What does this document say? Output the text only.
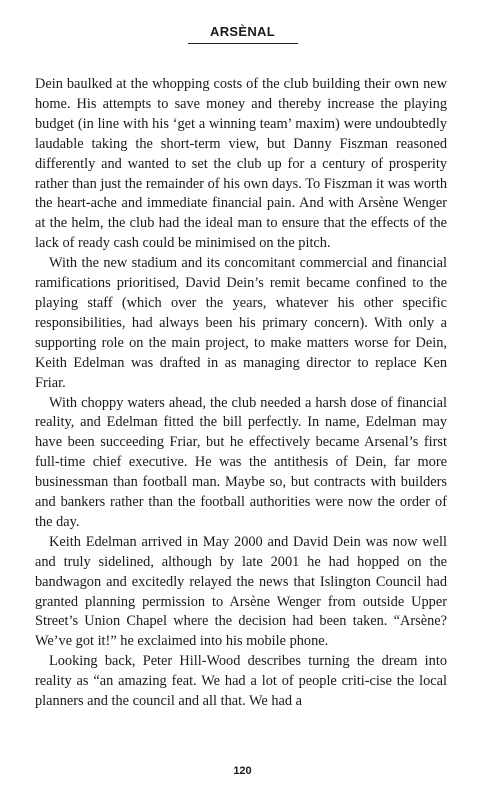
ARSÈNAL

Dein baulked at the whopping costs of the club building their own new home. His attempts to save money and thereby increase the playing budget (in line with his ‘get a winning team’ maxim) were undoubtedly laudable taking the short-term view, but Danny Fiszman reasoned differently and wanted to set the club up for a century of prosperity rather than just the remainder of his own days. To Fiszman it was worth the heart-ache and immediate financial pain. And with Arsène Wenger at the helm, the club had the ideal man to ensure that the effects of the lack of ready cash could be minimised on the pitch.

With the new stadium and its concomitant commercial and financial ramifications prioritised, David Dein’s remit became confined to the playing staff (which over the years, whatever his other specific responsibilities, had always been his primary concern). With only a supporting role on the main project, to make matters worse for Dein, Keith Edelman was drafted in as managing director to replace Ken Friar.

With choppy waters ahead, the club needed a harsh dose of financial reality, and Edelman fitted the bill perfectly. In name, Edelman may have been succeeding Friar, but he effectively became Arsenal’s first full-time chief executive. He was the antithesis of Dein, far more businessman than football man. Maybe so, but contracts with builders and bankers rather than the football authorities were now the order of the day.

Keith Edelman arrived in May 2000 and David Dein was now well and truly sidelined, although by late 2001 he had hopped on the bandwagon and excitedly relayed the news that Islington Council had granted planning permission to Arsène Wenger from outside Upper Street’s Union Chapel where the decision had been taken. “Arsène? We’ve got it!” he exclaimed into his mobile phone.

Looking back, Peter Hill-Wood describes turning the dream into reality as “an amazing feat. We had a lot of people criti-cise the local planners and the council and all that. We had a

120
